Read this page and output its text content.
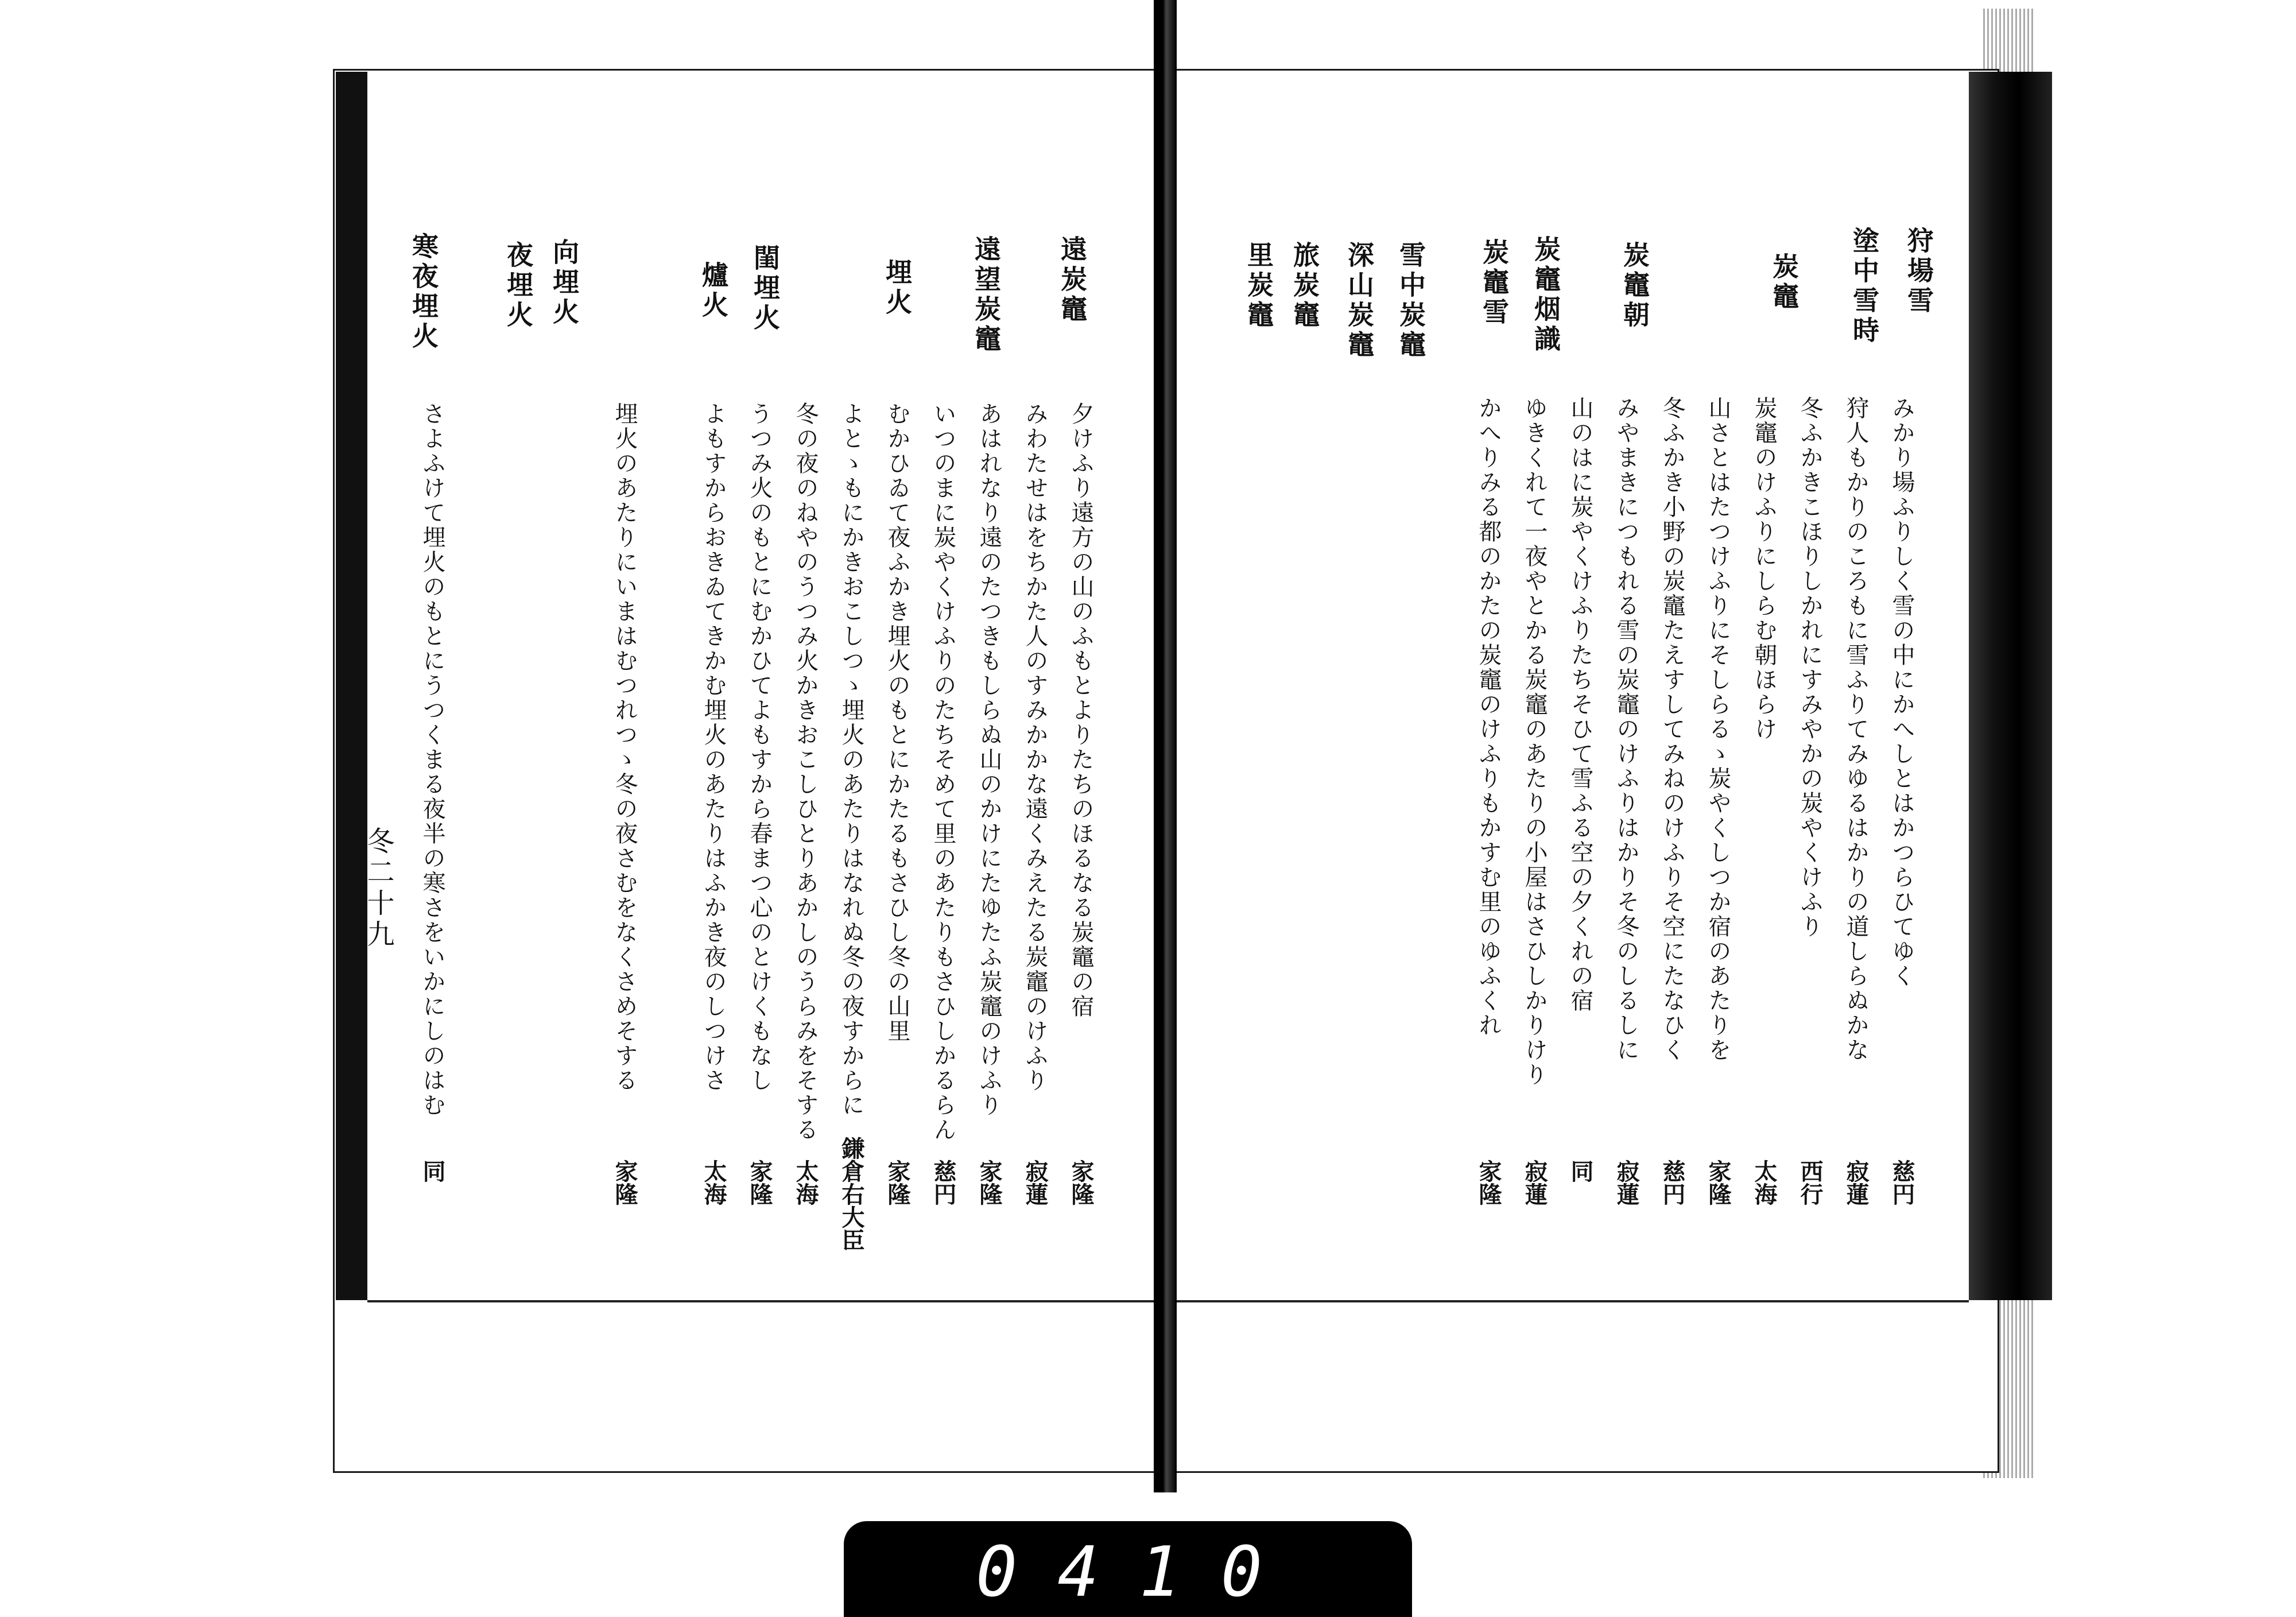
みかり場ふりしく雪の中にかへしとはかつらひてゆく
慈円
狩人もかりのころもに雪ふりてみゆるはかりの道しらぬかな
寂蓮
冬ふかきこほりしかれにすみやかの炭やくけふり
西行
炭竈のけふりにしらむ朝ほらけ
太海
山さとはたつけふりにそしらるゝ炭やくしつか宿のあたりを
家隆
冬ふかき小野の炭竈たえすしてみねのけふりそ空にたなひく
慈円
みやまきにつもれる雪の炭竈のけふりはかりそ冬のしるしに
寂蓮
山のはに炭やくけふりたちそひて雪ふる空の夕くれの宿
同
ゆきくれて一夜やとかる炭竈のあたりの小屋はさひしかりけり
寂蓮
かへりみる都のかたの炭竈のけふりもかすむ里のゆふくれ
家隆
狩場雪
塗中雪時
炭竈
炭竈朝
炭竈烟識
炭竈雪
雪中炭竈
深山炭竈
旅炭竈
里炭竈
夕けふり遠方の山のふもとよりたちのほるなる炭竈の宿
家隆
みわたせはをちかた人のすみかかな遠くみえたる炭竈のけふり
寂蓮
あはれなり遠のたつきもしらぬ山のかけにたゆたふ炭竈のけふり
家隆
いつのまに炭やくけふりのたちそめて里のあたりもさひしかるらん
慈円
むかひゐて夜ふかき埋火のもとにかたるもさひし冬の山里
家隆
よとゝもにかきおこしつゝ埋火のあたりはなれぬ冬の夜すからに
鎌倉右大臣
冬の夜のねやのうつみ火かきおこしひとりあかしのうらみをそする
太海
うつみ火のもとにむかひてよもすから春まつ心のとけくもなし
家隆
よもすからおきゐてきかむ埋火のあたりはふかき夜のしつけさ
太海
埋火のあたりにいまはむつれつゝ冬の夜さむをなくさめそする
家隆
さよふけて埋火のもとにうつくまる夜半の寒さをいかにしのはむ
同
遠炭竈
遠望炭竈
埋火
閨埋火
爐火
向埋火
夜埋火
寒夜埋火
冬二十九
0410
